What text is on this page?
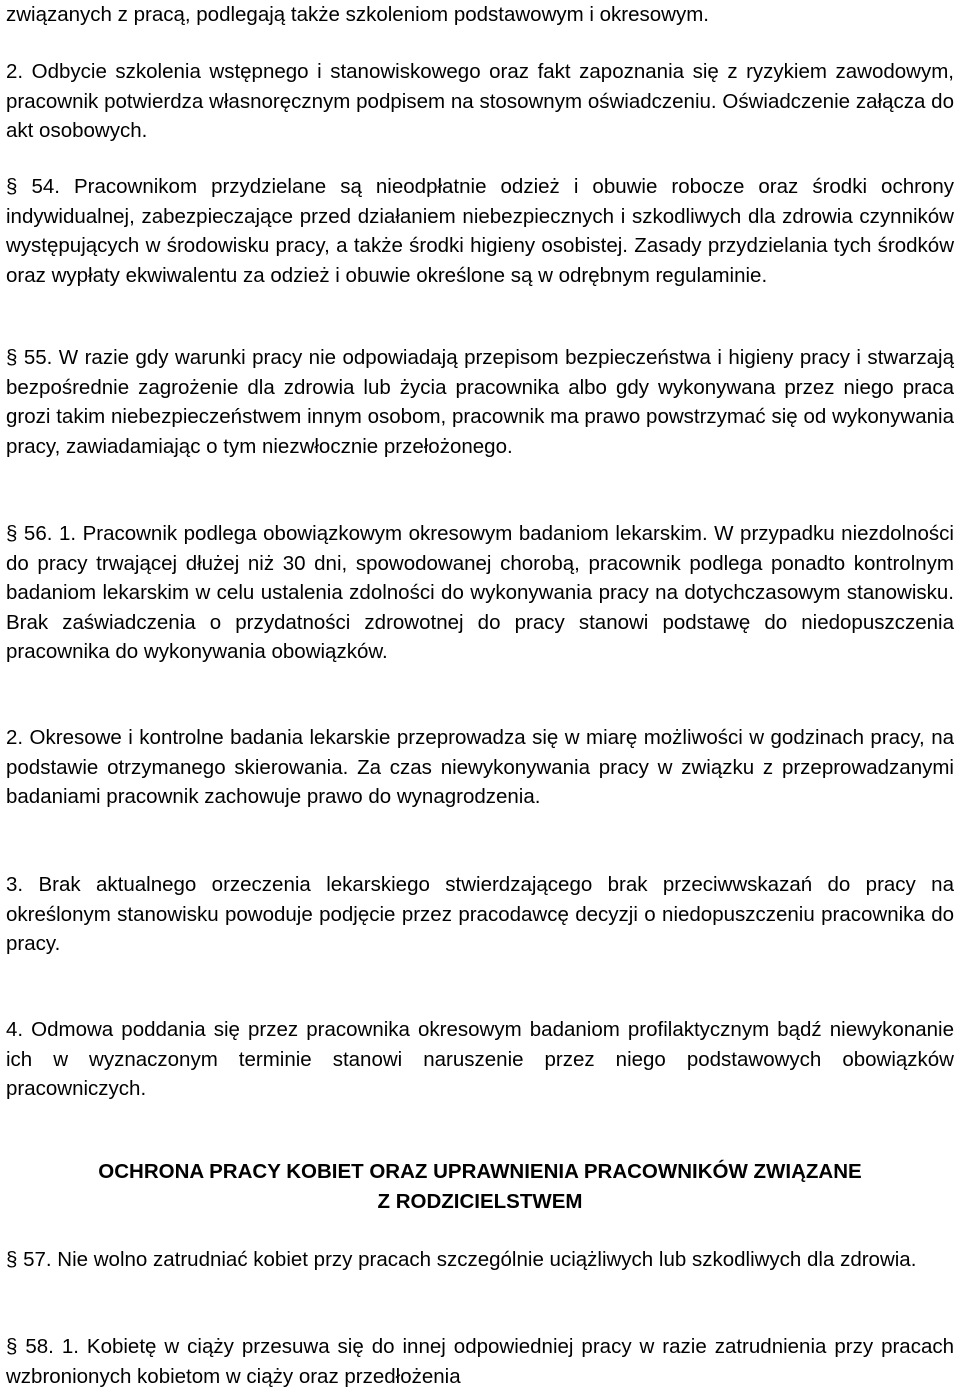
związanych z pracą, podlegają także szkoleniom podstawowym i okresowym.

2. Odbycie szkolenia wstępnego i stanowiskowego oraz fakt zapoznania się z ryzykiem zawodowym, pracownik potwierdza własnoręcznym podpisem na stosownym oświadczeniu. Oświadczenie załącza do akt osobowych.

§ 54. Pracownikom przydzielane są nieodpłatnie odzież i obuwie robocze oraz środki ochrony indywidualnej, zabezpieczające przed działaniem niebezpiecznych i szkodliwych dla zdrowia czynników występujących w środowisku pracy, a także środki higieny osobistej. Zasady przydzielania tych środków oraz wypłaty ekwiwalentu za odzież i obuwie określone są w odrębnym regulaminie.

§ 55. W razie gdy warunki pracy nie odpowiadają przepisom bezpieczeństwa i higieny pracy i stwarzają bezpośrednie zagrożenie dla zdrowia lub życia pracownika albo gdy wykonywana przez niego praca grozi takim niebezpieczeństwem innym osobom, pracownik ma prawo powstrzymać się od wykonywania pracy, zawiadamiając o tym niezwłocznie przełożonego.

§ 56. 1. Pracownik podlega obowiązkowym okresowym badaniom lekarskim. W przypadku niezdolności do pracy trwającej dłużej niż 30 dni, spowodowanej chorobą, pracownik podlega ponadto kontrolnym badaniom lekarskim w celu ustalenia zdolności do wykonywania pracy na dotychczasowym stanowisku. Brak zaświadczenia o przydatności zdrowotnej do pracy stanowi podstawę do niedopuszczenia pracownika do wykonywania obowiązków.

2. Okresowe i kontrolne badania lekarskie przeprowadza się w miarę możliwości w godzinach pracy, na podstawie otrzymanego skierowania. Za czas niewykonywania pracy w związku z przeprowadzanymi badaniami pracownik zachowuje prawo do wynagrodzenia.

3. Brak aktualnego orzeczenia lekarskiego stwierdzającego brak przeciwwskazań do pracy na określonym stanowisku powoduje podjęcie przez pracodawcę decyzji o niedopuszczeniu pracownika do pracy.

4. Odmowa poddania się przez pracownika okresowym badaniom profilaktycznym bądź niewykonanie ich w wyznaczonym terminie stanowi naruszenie przez niego podstawowych obowiązków pracowniczych.

OCHRONA PRACY KOBIET ORAZ UPRAWNIENIA PRACOWNIKÓW ZWIĄZANE
Z RODZICIELSTWEM

§ 57. Nie wolno zatrudniać kobiet przy pracach szczególnie uciążliwych lub szkodliwych dla zdrowia.

§ 58. 1. Kobietę w ciąży przesuwa się do innej odpowiedniej pracy w razie zatrudnienia przy pracach wzbronionych kobietom w ciąży oraz przedłożenia
